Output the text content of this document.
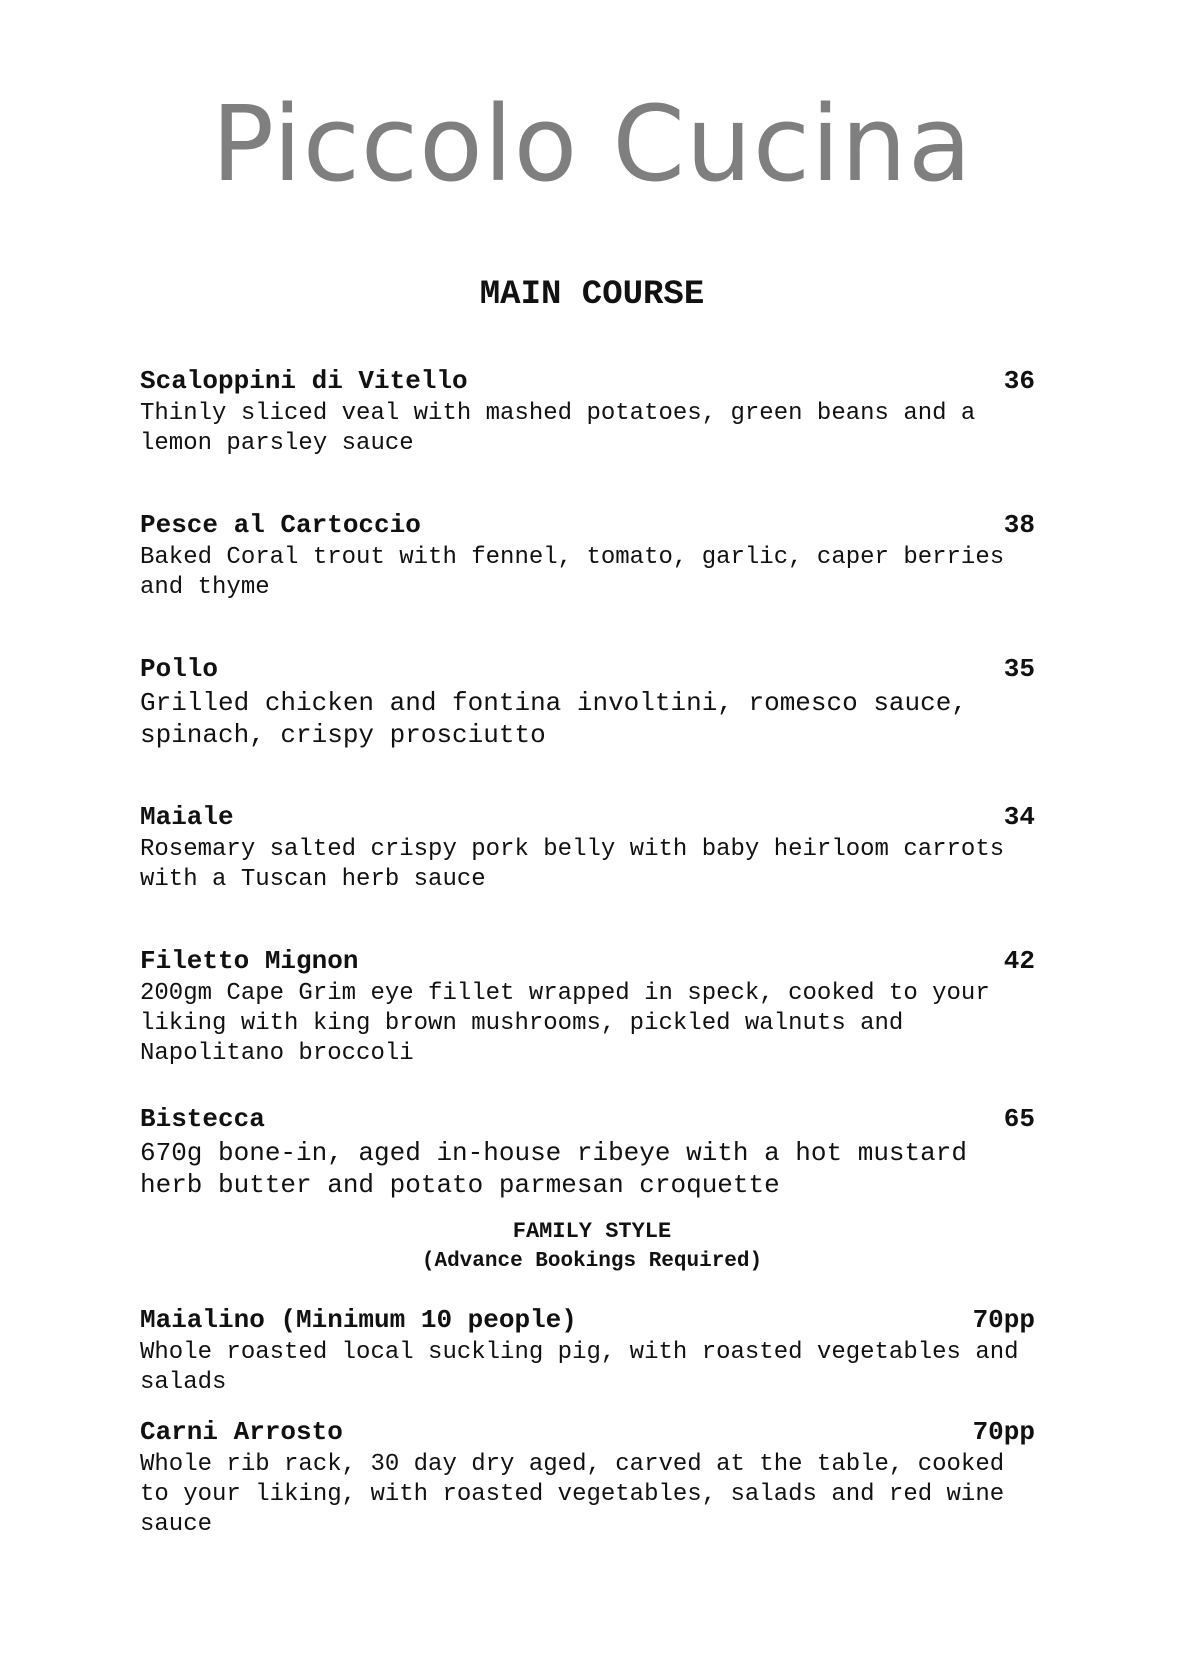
Piccolo Cucina
MAIN COURSE
Scaloppini di Vitello	36
Thinly sliced veal with mashed potatoes, green beans and a lemon parsley sauce
Pesce al Cartoccio	38
Baked Coral trout with fennel, tomato, garlic, caper berries and thyme
Pollo	35
Grilled chicken and fontina involtini, romesco sauce, spinach, crispy prosciutto
Maiale	34
Rosemary salted crispy pork belly with baby heirloom carrots with a Tuscan herb sauce
Filetto Mignon	42
200gm Cape Grim eye fillet wrapped in speck, cooked to your liking with king brown mushrooms, pickled walnuts and Napolitano broccoli
Bistecca	65
670g bone-in, aged in-house ribeye with a hot mustard herb butter and potato parmesan croquette
FAMILY STYLE
(Advance Bookings Required)
Maialino (Minimum 10 people)	70pp
Whole roasted local suckling pig, with roasted vegetables and salads
Carni Arrosto	70pp
Whole rib rack, 30 day dry aged, carved at the table, cooked to your liking, with roasted vegetables, salads and red wine sauce
